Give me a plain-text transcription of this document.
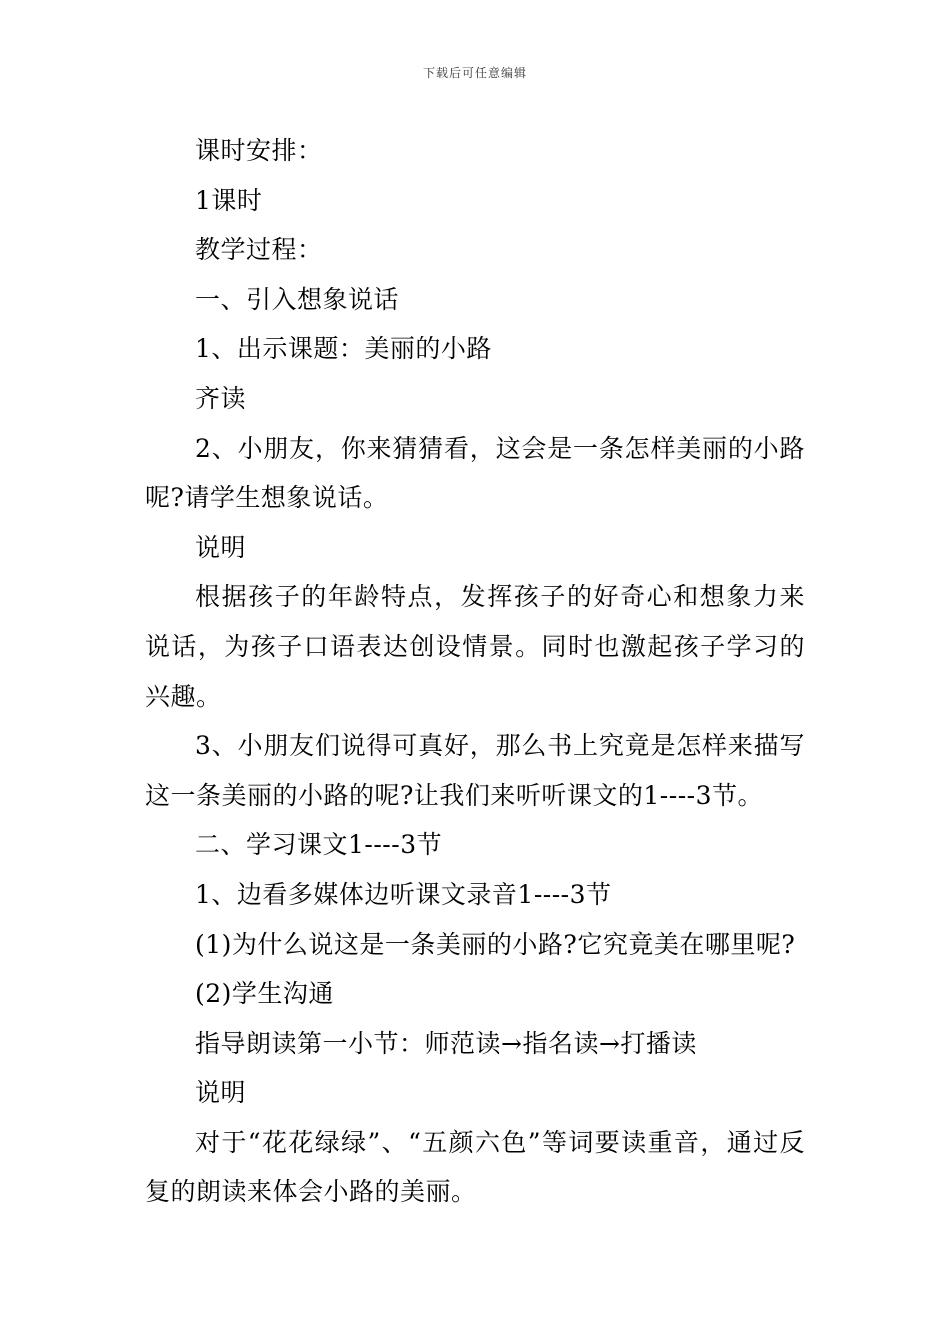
下载后可任意编辑

课时安排：

1课时

教学过程：

一、引入想象说话

1、出示课题：美丽的小路

齐读

2、小朋友，你来猜猜看，这会是一条怎样美丽的小路呢?请学生想象说话。

说明

根据孩子的年龄特点，发挥孩子的好奇心和想象力来说话，为孩子口语表达创设情景。同时也激起孩子学习的兴趣。

3、小朋友们说得可真好，那么书上究竟是怎样来描写这一条美丽的小路的呢?让我们来听听课文的1----3节。

二、学习课文1----3节

1、边看多媒体边听课文录音1----3节

(1)为什么说这是一条美丽的小路?它究竟美在哪里呢?

(2)学生沟通

指导朗读第一小节：师范读→指名读→打播读

说明

对于“花花绿绿”、“五颜六色”等词要读重音，通过反复的朗读来体会小路的美丽。
